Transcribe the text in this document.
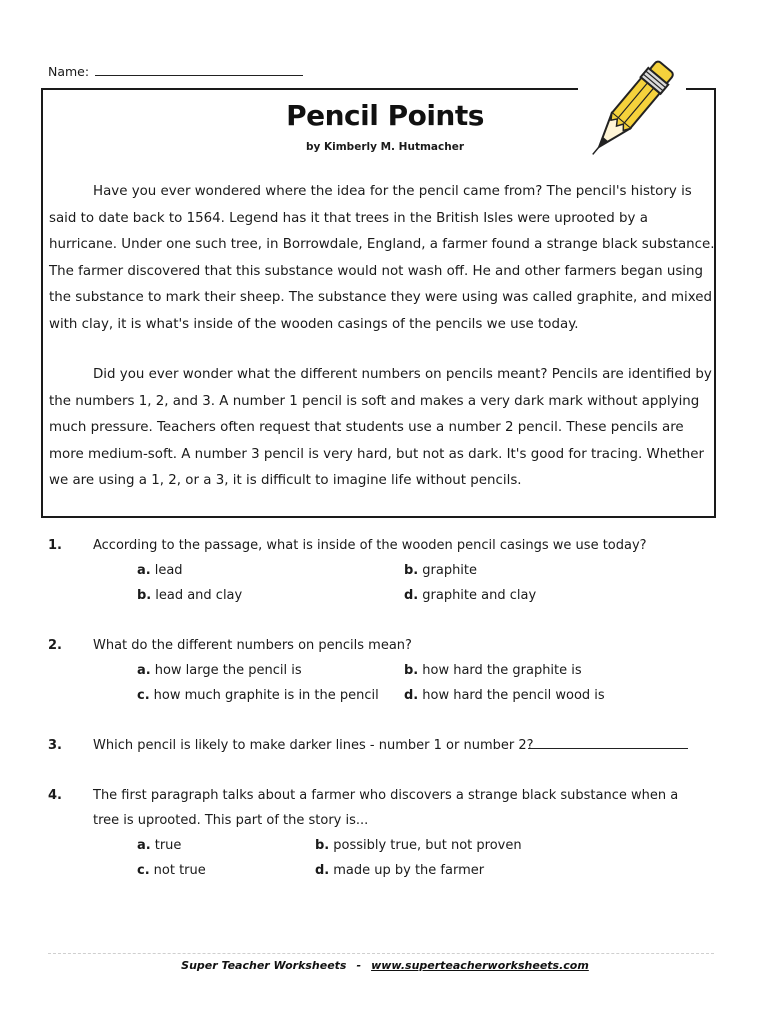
Name:
Pencil Points
by Kimberly M. Hutmacher

Have you ever wondered where the idea for the pencil came from? The pencil's history is said to date back to 1564. Legend has it that trees in the British Isles were uprooted by a hurricane. Under one such tree, in Borrowdale, England, a farmer found a strange black substance. The farmer discovered that this substance would not wash off. He and other farmers began using the substance to mark their sheep. The substance they were using was called graphite, and mixed with clay, it is what's inside of the wooden casings of the pencils we use today.

Did you ever wonder what the different numbers on pencils meant? Pencils are identified by the numbers 1, 2, and 3. A number 1 pencil is soft and makes a very dark mark without applying much pressure. Teachers often request that students use a number 2 pencil. These pencils are more medium-soft. A number 3 pencil is very hard, but not as dark. It's good for tracing. Whether we are using a 1, 2, or a 3, it is difficult to imagine life without pencils.

1. According to the passage, what is inside of the wooden pencil casings we use today?
a. lead	b. graphite
b. lead and clay	d. graphite and clay
2. What do the different numbers on pencils mean?
a. how large the pencil is	b. how hard the graphite is
c. how much graphite is in the pencil d. how hard the pencil wood is
3. Which pencil is likely to make darker lines - number 1 or number 2?
4. The first paragraph talks about a farmer who discovers a strange black substance when a tree is uprooted. This part of the story is...
a. true	b. possibly true, but not proven
c. not true	d. made up by the farmer
Super Teacher Worksheets - www.superteacherworksheets.com
